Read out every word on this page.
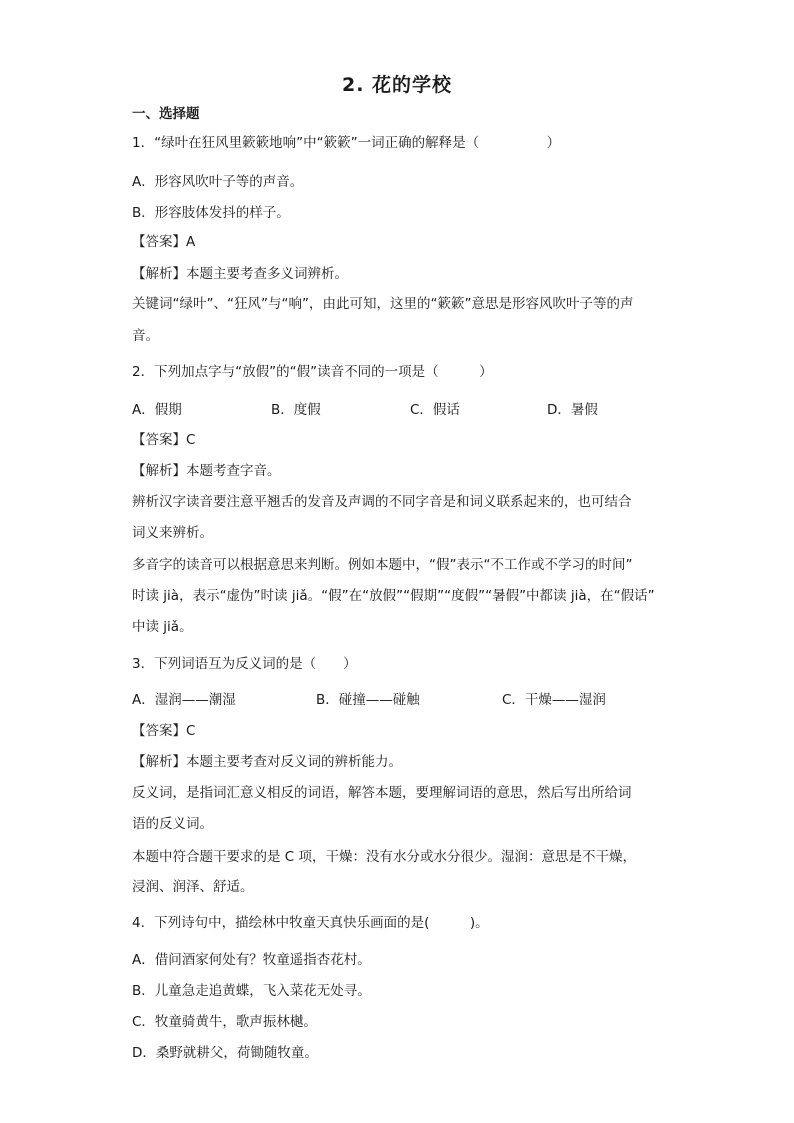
2. 花的学校
一、选择题
1．“绿叶在狂风里簌簌地响”中“簌簌”一词正确的解释是（　　　　　）
A．形容风吹叶子等的声音。
B．形容肢体发抖的样子。
【答案】A
【解析】本题主要考查多义词辨析。
关键词“绿叶”、“狂风”与“响”，由此可知，这里的“簌簌”意思是形容风吹叶子等的声
音。
2．下列加点字与“放假”的“假”读音不同的一项是（　　　）
A．假期	B．度假	C．假话	D．暑假
【答案】C
【解析】本题考查字音。
辨析汉字读音要注意平翘舌的发音及声调的不同字音是和词义联系起来的，也可结合
词义来辨析。
多音字的读音可以根据意思来判断。例如本题中，“假”表示“不工作或不学习的时间”
时读 jià，表示“虚伪”时读 jiǎ。“假”在“放假”“假期”“度假”“暑假”中都读 jià，在“假话”
中读 jiǎ。
3．下列词语互为反义词的是（　　）
A．湿润——潮湿	B．碰撞——碰触	C．干燥——湿润
【答案】C
【解析】本题主要考查对反义词的辨析能力。
反义词，是指词汇意义相反的词语，解答本题，要理解词语的意思，然后写出所给词
语的反义词。
本题中符合题干要求的是 C 项，干燥：没有水分或水分很少。湿润：意思是不干燥，
浸润、润泽、舒适。
4．下列诗句中，描绘林中牧童天真快乐画面的是(　　　)。
A．借问酒家何处有？牧童遥指杏花村。
B．儿童急走追黄蝶，飞入菜花无处寻。
C．牧童骑黄牛，歌声振林樾。
D．桑野就耕父，荷锄随牧童。
